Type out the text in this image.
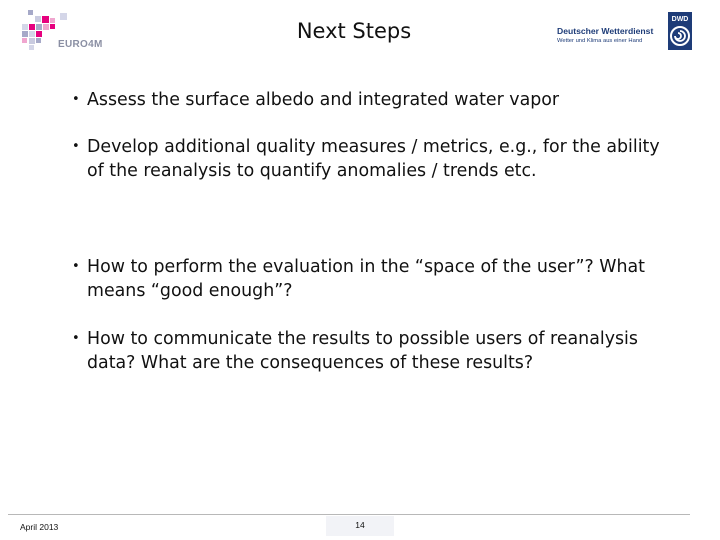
EURO4M
Next Steps	Deutscher Wetterdienst
Wetter und Klima aus einer Hand
DWD
• Assess the surface albedo and integrated water vapor
• Develop additional quality measures / metrics, e.g., for the ability of the reanalysis to quantify anomalies / trends etc.
• How to perform the evaluation in the “space of the user”? What means “good enough”?
• How to communicate the results to possible users of reanalysis data? What are the consequences of these results?
April 2013	14
